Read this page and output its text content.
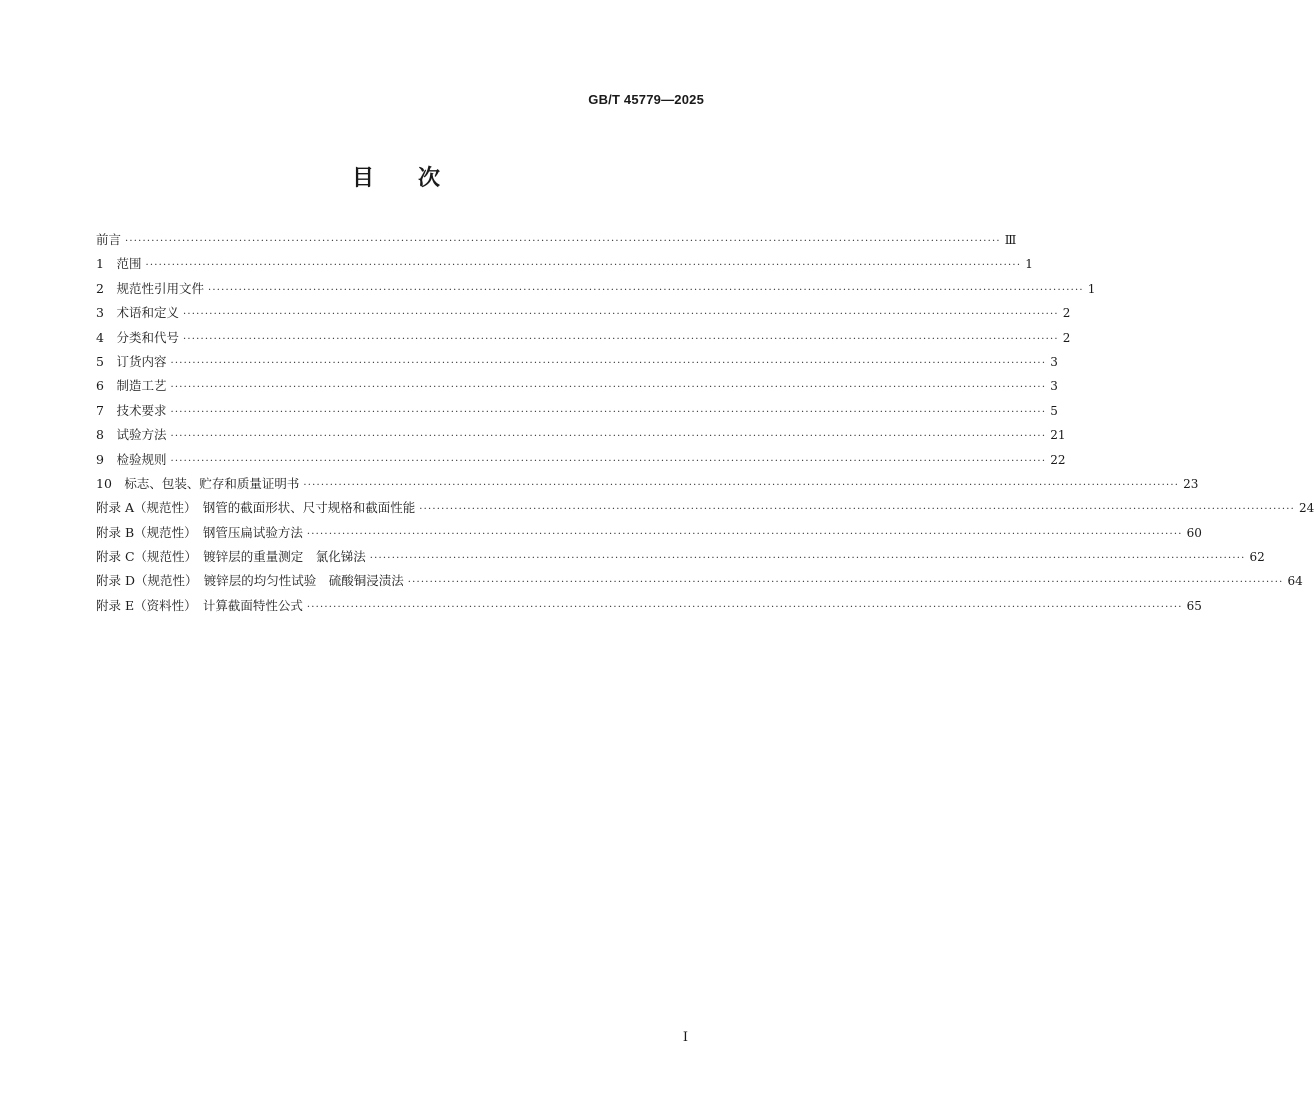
GB/T 45779—2025
目 次
前言 ········································································································································································································ Ⅲ
1　范围 ········································································································································································································ 1
2　规范性引用文件 ········································································································································································································ 1
3　术语和定义 ········································································································································································································ 2
4　分类和代号 ········································································································································································································ 2
5　订货内容 ········································································································································································································ 3
6　制造工艺 ········································································································································································································ 3
7　技术要求 ········································································································································································································ 5
8　试验方法 ········································································································································································································ 21
9　检验规则 ········································································································································································································ 22
10　标志、包装、贮存和质量证明书 ········································································································································································································ 23
附录 A（规范性）　钢管的截面形状、尺寸规格和截面性能 ········································································································································································································ 24
附录 B（规范性）　钢管压扁试验方法 ········································································································································································································ 60
附录 C（规范性）　镀锌层的重量测定　氯化锑法 ········································································································································································································ 62
附录 D（规范性）　镀锌层的均匀性试验　硫酸铜浸渍法 ········································································································································································································ 64
附录 E（资料性）　计算截面特性公式 ········································································································································································································ 65
I
